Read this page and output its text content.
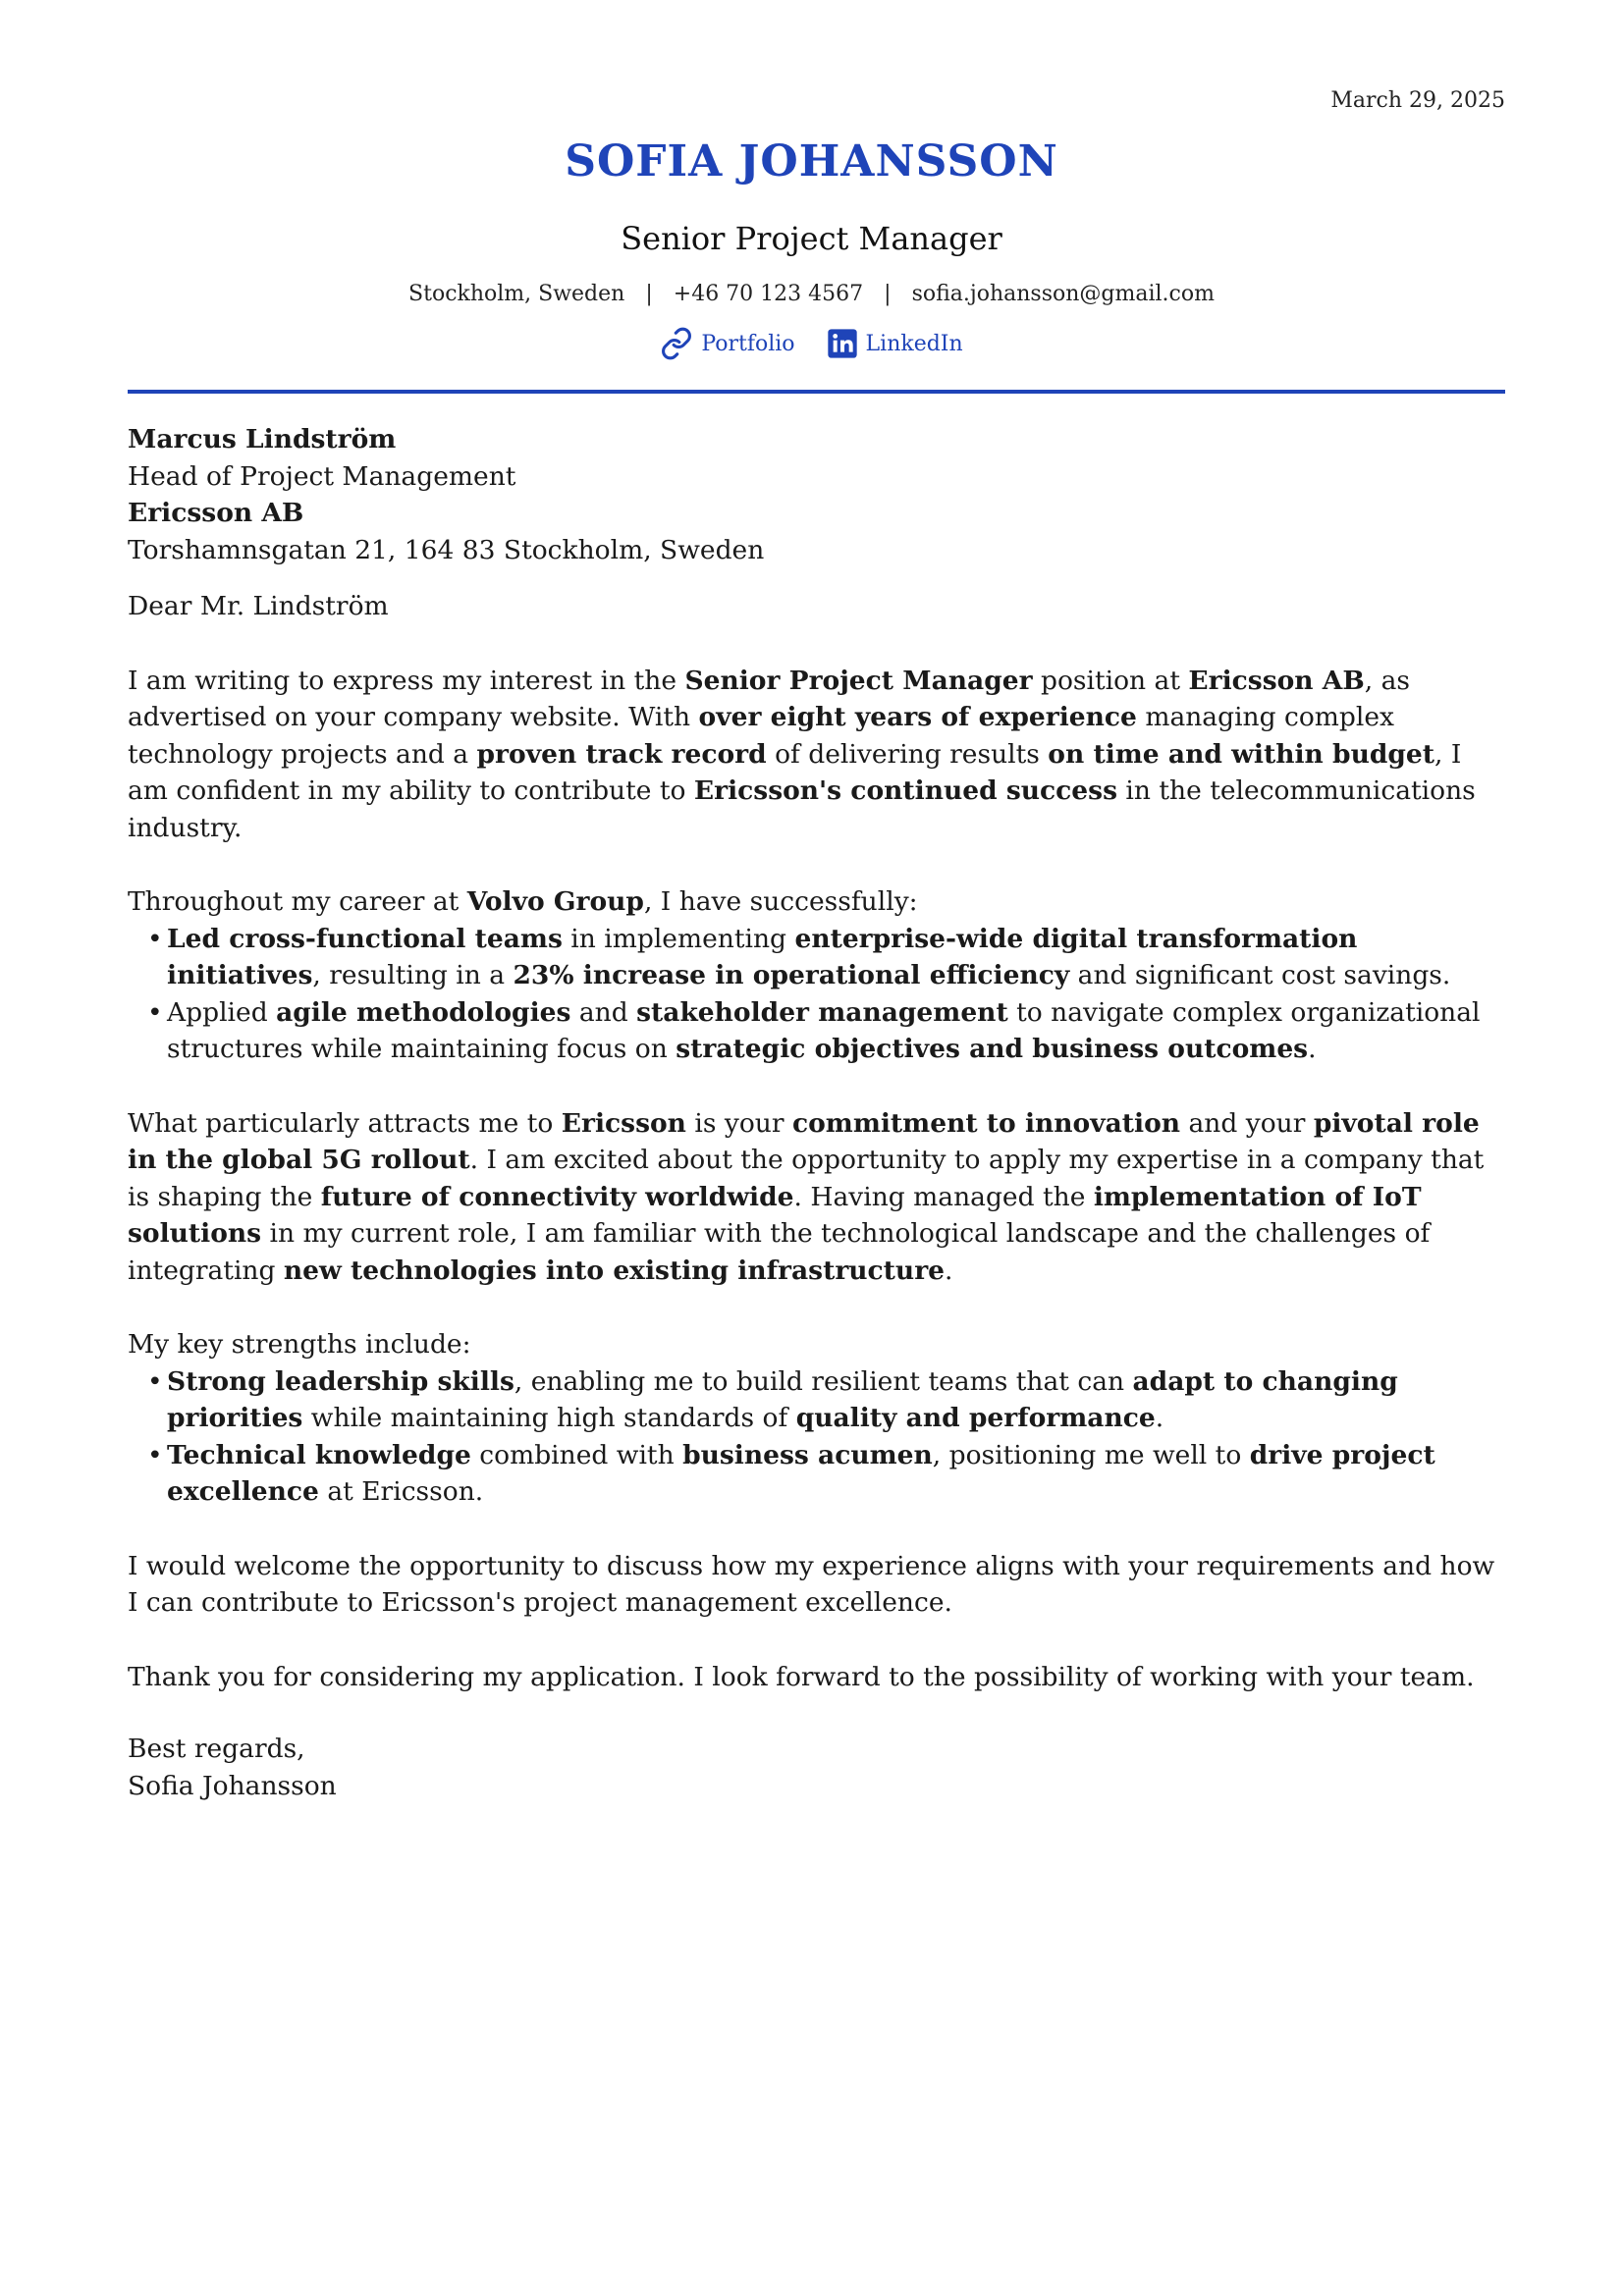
March 29, 2025
SOFIA JOHANSSON
Senior Project Manager
Stockholm, Sweden | +46 70 123 4567 | sofia.johansson@gmail.com
Portfolio	LinkedIn
Marcus Lindström
Head of Project Management
Ericsson AB
Torshamnsgatan 21, 164 83 Stockholm, Sweden
Dear Mr. Lindström

I am writing to express my interest in the Senior Project Manager position at Ericsson AB, as advertised on your company website. With over eight years of experience managing complex technology projects and a proven track record of delivering results on time and within budget, I am confident in my ability to contribute to Ericsson's continued success in the telecommunications industry.

Throughout my career at Volvo Group, I have successfully:

• Led cross-functional teams in implementing enterprise-wide digital transformation initiatives, resulting in a 23% increase in operational efficiency and significant cost savings.
• Applied agile methodologies and stakeholder management to navigate complex organizational structures while maintaining focus on strategic objectives and business outcomes.

What particularly attracts me to Ericsson is your commitment to innovation and your pivotal role in the global 5G rollout. I am excited about the opportunity to apply my expertise in a company that is shaping the future of connectivity worldwide. Having managed the implementation of IoT solutions in my current role, I am familiar with the technological landscape and the challenges of integrating new technologies into existing infrastructure.

My key strengths include:

• Strong leadership skills, enabling me to build resilient teams that can adapt to changing priorities while maintaining high standards of quality and performance.
• Technical knowledge combined with business acumen, positioning me well to drive project excellence at Ericsson.

I would welcome the opportunity to discuss how my experience aligns with your requirements and how I can contribute to Ericsson's project management excellence.

Thank you for considering my application. I look forward to the possibility of working with your team.

Best regards,
Sofia Johansson
